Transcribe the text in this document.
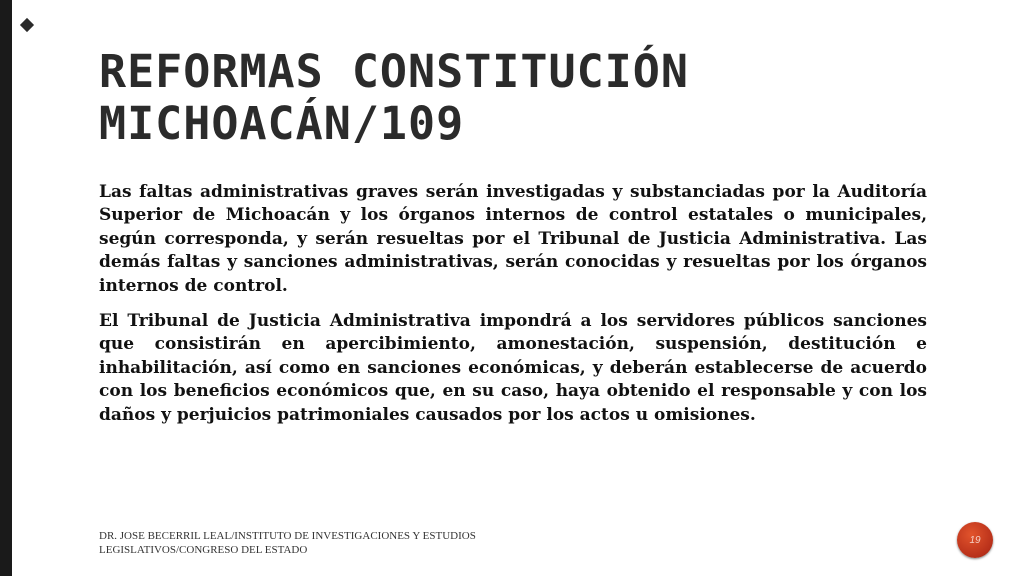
REFORMAS CONSTITUCIÓN
MICHOACÁN/109

Las faltas administrativas graves serán investigadas y substanciadas por la Auditoría Superior de Michoacán y los órganos internos de control estatales o municipales, según corresponda, y serán resueltas por el Tribunal de Justicia Administrativa. Las demás faltas y sanciones administrativas, serán conocidas y resueltas por los órganos internos de control.

El Tribunal de Justicia Administrativa impondrá a los servidores públicos sanciones que consistirán en apercibimiento, amonestación, suspensión, destitución e inhabilitación, así como en sanciones económicas, y deberán establecerse de acuerdo con los beneficios económicos que, en su caso, haya obtenido el responsable y con los daños y perjuicios patrimoniales causados por los actos u omisiones.

DR. JOSE BECERRIL LEAL/INSTITUTO DE INVESTIGACIONES Y ESTUDIOS
LEGISLATIVOS/CONGRESO DEL ESTADO
19
